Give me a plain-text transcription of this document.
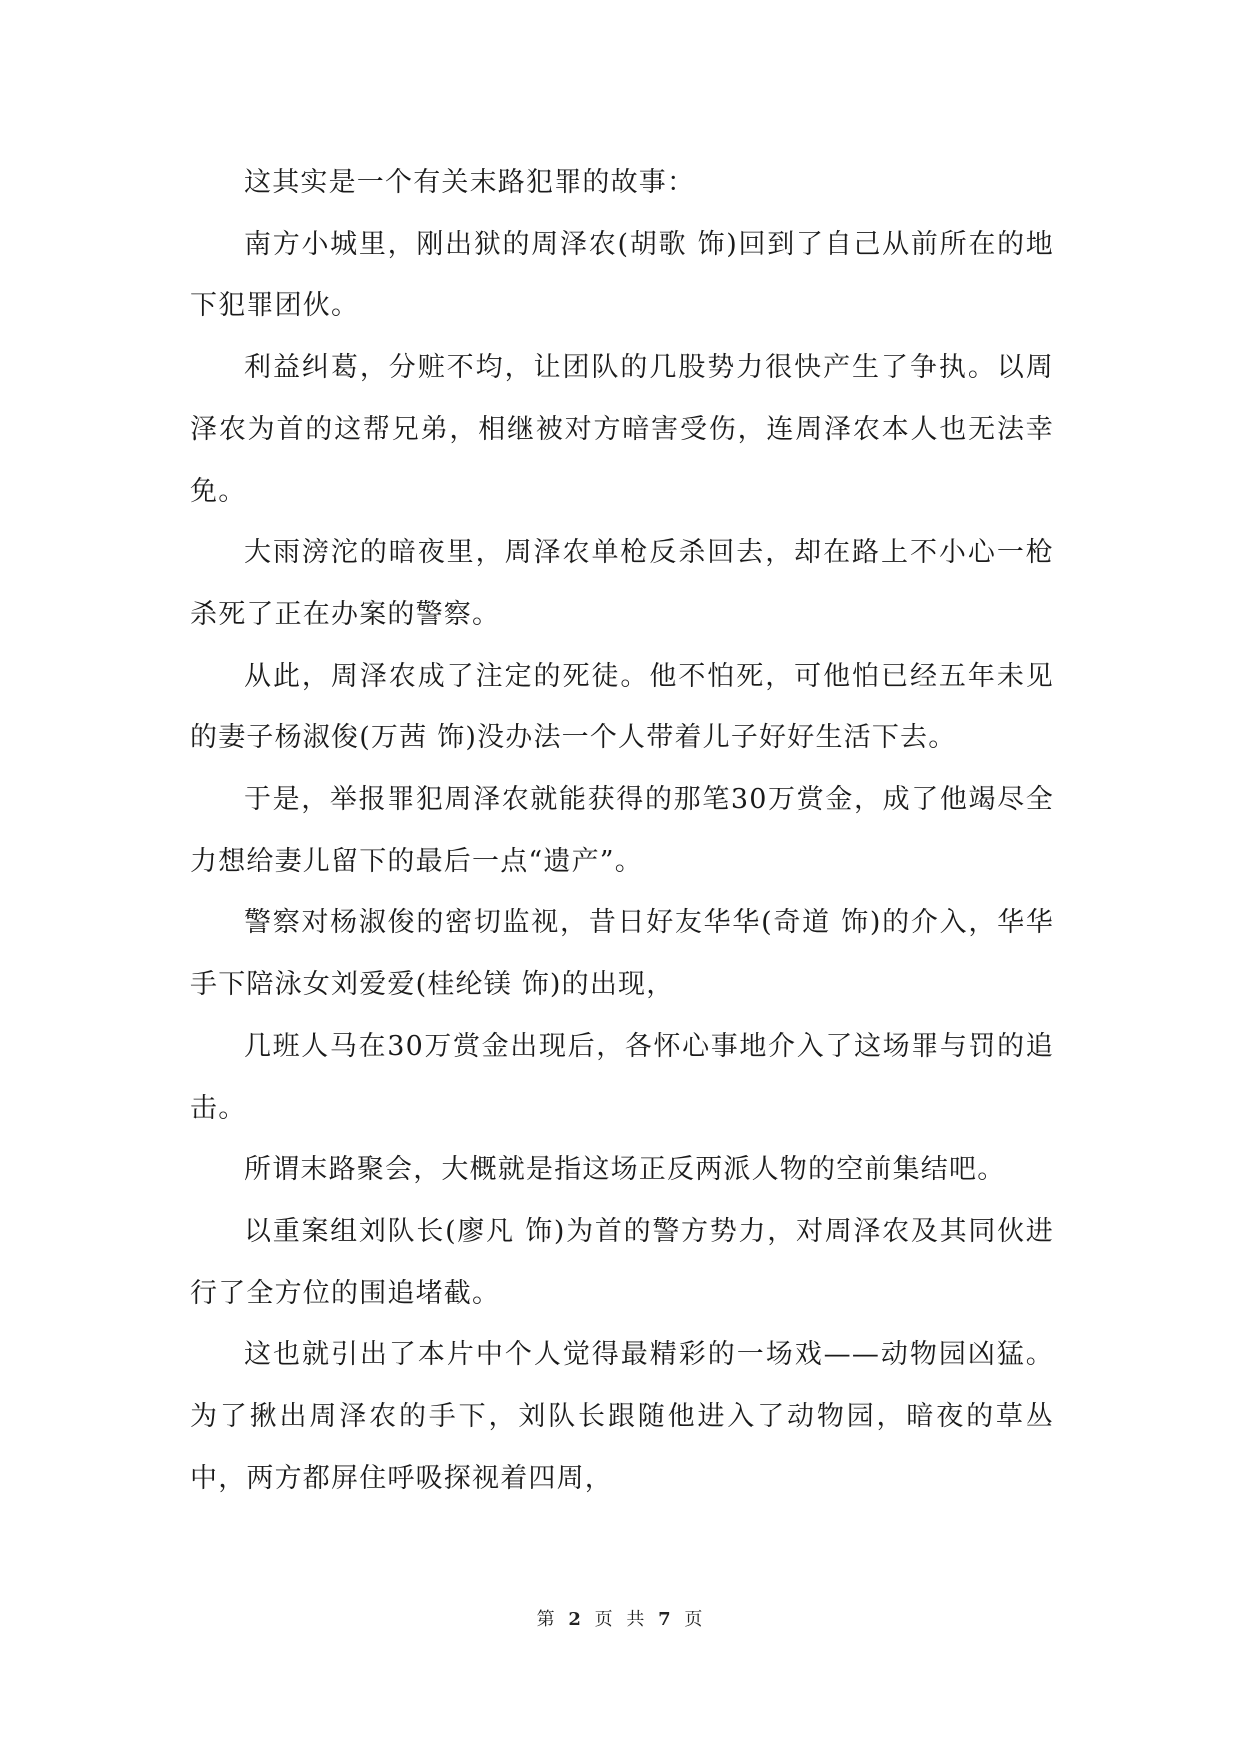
这其实是一个有关末路犯罪的故事：

南方小城里，刚出狱的周泽农(胡歌 饰)回到了自己从前所在的地下犯罪团伙。

利益纠葛，分赃不均，让团队的几股势力很快产生了争执。以周泽农为首的这帮兄弟，相继被对方暗害受伤，连周泽农本人也无法幸免。

大雨滂沱的暗夜里，周泽农单枪反杀回去，却在路上不小心一枪杀死了正在办案的警察。

从此，周泽农成了注定的死徒。他不怕死，可他怕已经五年未见的妻子杨淑俊(万茜 饰)没办法一个人带着儿子好好生活下去。

于是，举报罪犯周泽农就能获得的那笔30万赏金，成了他竭尽全力想给妻儿留下的最后一点“遗产”。

警察对杨淑俊的密切监视，昔日好友华华(奇道 饰)的介入，华华手下陪泳女刘爱爱(桂纶镁 饰)的出现，

几班人马在30万赏金出现后，各怀心事地介入了这场罪与罚的追击。

所谓末路聚会，大概就是指这场正反两派人物的空前集结吧。

以重案组刘队长(廖凡 饰)为首的警方势力，对周泽农及其同伙进行了全方位的围追堵截。

这也就引出了本片中个人觉得最精彩的一场戏——动物园凶猛。为了揪出周泽农的手下，刘队长跟随他进入了动物园，暗夜的草丛中，两方都屏住呼吸探视着四周，

第 2 页 共 7 页
